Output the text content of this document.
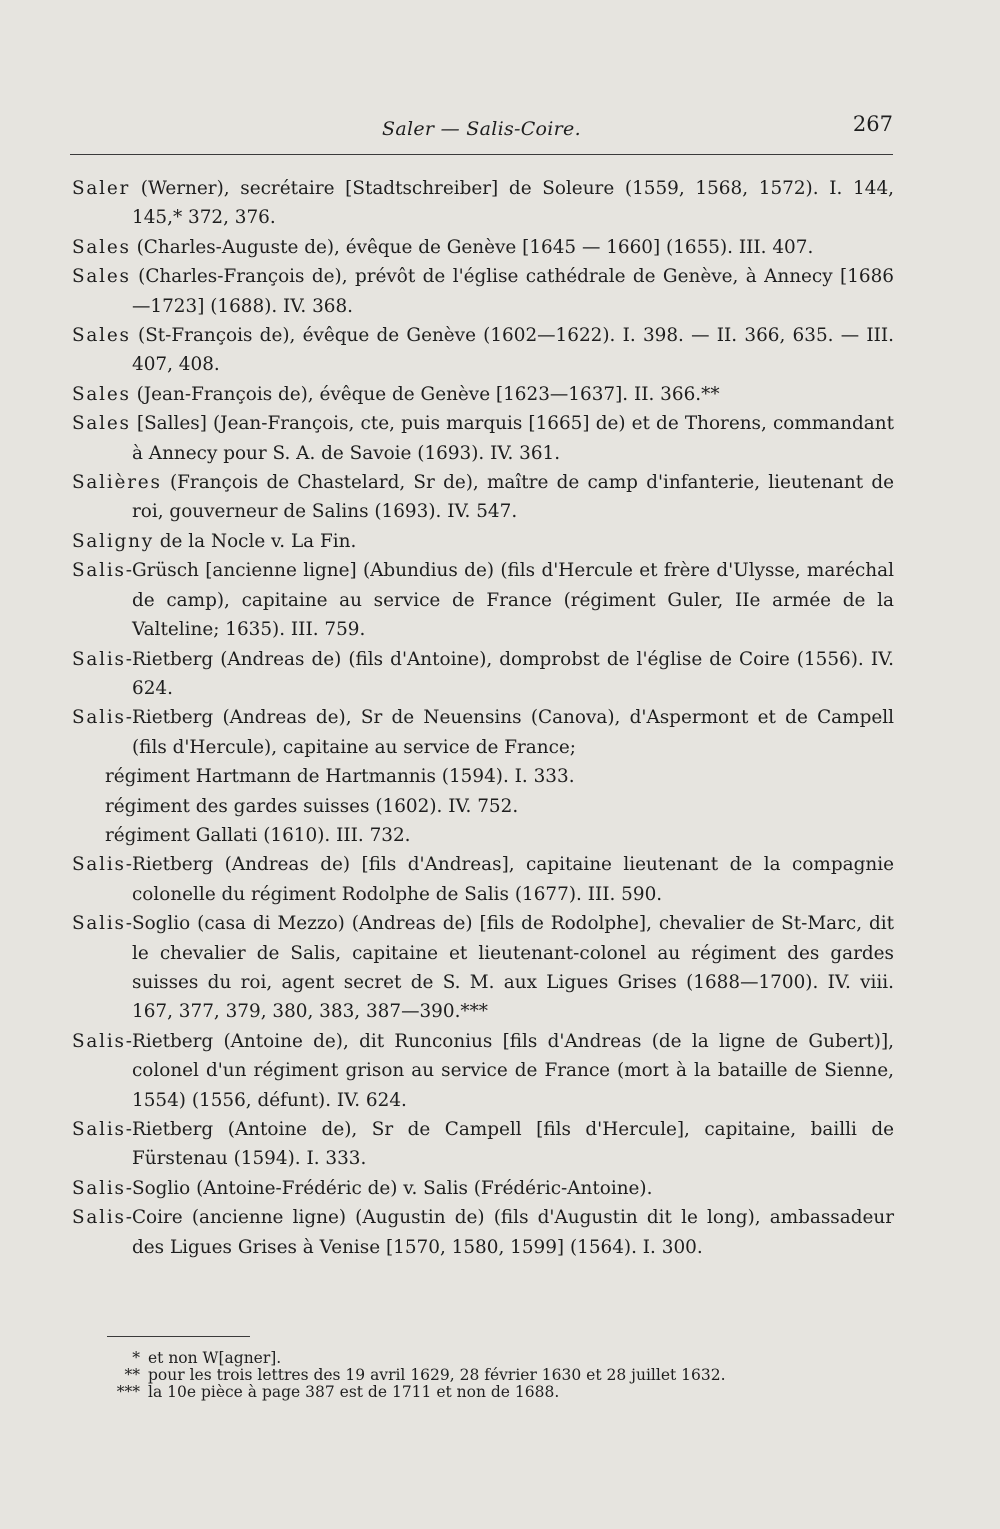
Saler — Salis-Coire.	267
Saler (Werner), secrétaire [Stadtschreiber] de Soleure (1559, 1568, 1572). I. 144, 145,* 372, 376.
Sales (Charles-Auguste de), évêque de Genève [1645 — 1660] (1655). III. 407.
Sales (Charles-François de), prévôt de l'église cathédrale de Genève, à Annecy [1686—1723] (1688). IV. 368.
Sales (St-François de), évêque de Genève (1602—1622). I. 398. — II. 366, 635. — III. 407, 408.
Sales (Jean-François de), évêque de Genève [1623—1637]. II. 366.**
Sales [Salles] (Jean-François, cte, puis marquis [1665] de) et de Thorens, commandant à Annecy pour S. A. de Savoie (1693). IV. 361.
Salières (François de Chastelard, Sr de), maître de camp d'infanterie, lieutenant de roi, gouverneur de Salins (1693). IV. 547.
Saligny de la Nocle v. La Fin.
Salis-Grüsch [ancienne ligne] (Abundius de) (fils d'Hercule et frère d'Ulysse, maréchal de camp), capitaine au service de France (régiment Guler, IIe armée de la Valteline; 1635). III. 759.
Salis-Rietberg (Andreas de) (fils d'Antoine), domprobst de l'église de Coire (1556). IV. 624.
Salis-Rietberg (Andreas de), Sr de Neuensins (Canova), d'Aspermont et de Campell (fils d'Hercule), capitaine au service de France;
régiment Hartmann de Hartmannis (1594). I. 333.
régiment des gardes suisses (1602). IV. 752.
régiment Gallati (1610). III. 732.
Salis-Rietberg (Andreas de) [fils d'Andreas], capitaine lieutenant de la compagnie colonelle du régiment Rodolphe de Salis (1677). III. 590.
Salis-Soglio (casa di Mezzo) (Andreas de) [fils de Rodolphe], chevalier de St-Marc, dit le chevalier de Salis, capitaine et lieutenant-colonel au régiment des gardes suisses du roi, agent secret de S. M. aux Ligues Grises (1688—1700). IV. viii. 167, 377, 379, 380, 383, 387—390.***
Salis-Rietberg (Antoine de), dit Runconius [fils d'Andreas (de la ligne de Gubert)], colonel d'un régiment grison au service de France (mort à la bataille de Sienne, 1554) (1556, défunt). IV. 624.
Salis-Rietberg (Antoine de), Sr de Campell [fils d'Hercule], capitaine, bailli de Fürstenau (1594). I. 333.
Salis-Soglio (Antoine-Frédéric de) v. Salis (Frédéric-Antoine).
Salis-Coire (ancienne ligne) (Augustin de) (fils d'Augustin dit le long), ambassadeur des Ligues Grises à Venise [1570, 1580, 1599] (1564). I. 300.
* et non W[agner].
** pour les trois lettres des 19 avril 1629, 28 février 1630 et 28 juillet 1632.
*** la 10e pièce à page 387 est de 1711 et non de 1688.
